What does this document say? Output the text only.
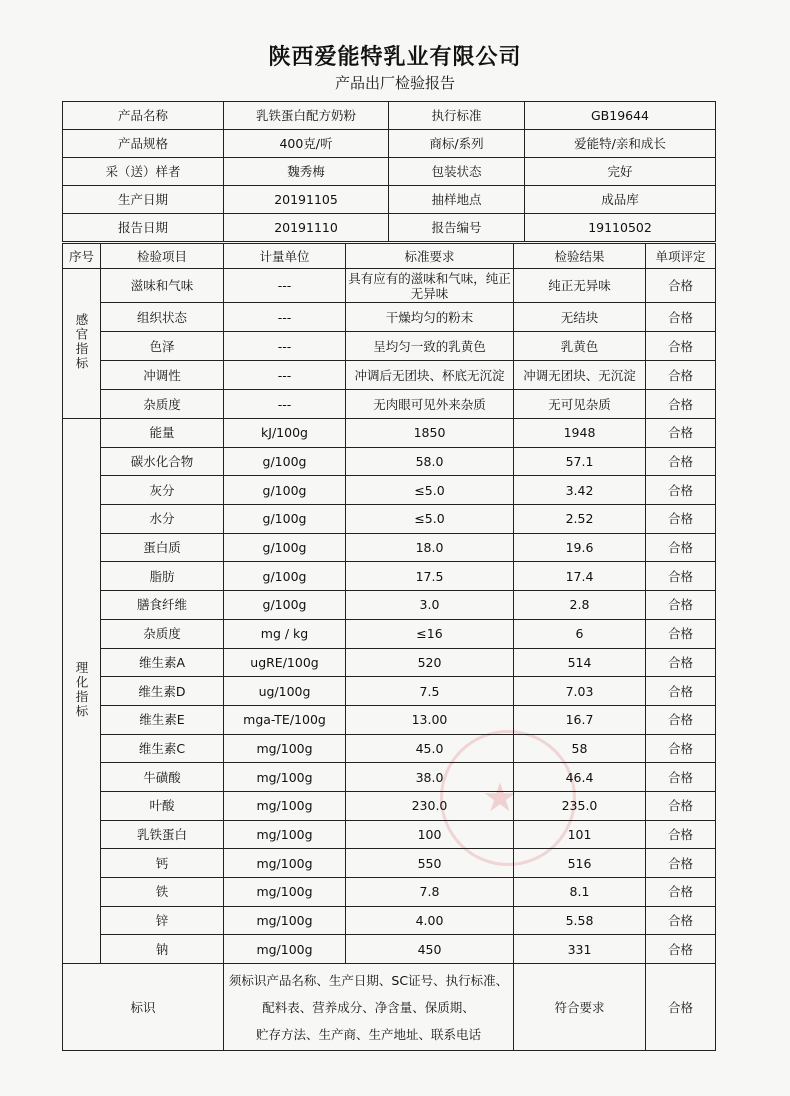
陕西爱能特乳业有限公司
产品出厂检验报告
★
产品名称	乳铁蛋白配方奶粉	执行标准	GB19644
产品规格	400克/听	商标/系列	爱能特/亲和成长
采（送）样者	魏秀梅	包装状态	完好
生产日期	20191105	抽样地点	成品库
报告日期	20191110	报告编号	19110502
序号	检验项目	计量单位	标准要求	检验结果	单项评定
感官指标	滋味和气味	---	具有应有的滋味和气味，纯正无异味	纯正无异味	合格
	组织状态	---	干燥均匀的粉末	无结块	合格
	色泽	---	呈均匀一致的乳黄色	乳黄色	合格
	冲调性	---	冲调后无团块、杯底无沉淀	冲调无团块、无沉淀	合格
	杂质度	---	无肉眼可见外来杂质	无可见杂质	合格
理化指标	能量	kJ/100g	1850	1948	合格
	碳水化合物	g/100g	58.0	57.1	合格
	灰分	g/100g	≤5.0	3.42	合格
	水分	g/100g	≤5.0	2.52	合格
	蛋白质	g/100g	18.0	19.6	合格
	脂肪	g/100g	17.5	17.4	合格
	膳食纤维	g/100g	3.0	2.8	合格
	杂质度	mg / kg	≤16	6	合格
	维生素A	ugRE/100g	520	514	合格
	维生素D	ug/100g	7.5	7.03	合格
	维生素E	mga-TE/100g	13.00	16.7	合格
	维生素C	mg/100g	45.0	58	合格
	牛磺酸	mg/100g	38.0	46.4	合格
	叶酸	mg/100g	230.0	235.0	合格
	乳铁蛋白	mg/100g	100	101	合格
	钙	mg/100g	550	516	合格
	铁	mg/100g	7.8	8.1	合格
	锌	mg/100g	4.00	5.58	合格
	钠	mg/100g	450	331	合格
标识		须标识产品名称、生产日期、SC证号、执行标准、
配料表、营养成分、净含量、保质期、
贮存方法、生产商、生产地址、联系电话		符合要求	合格
